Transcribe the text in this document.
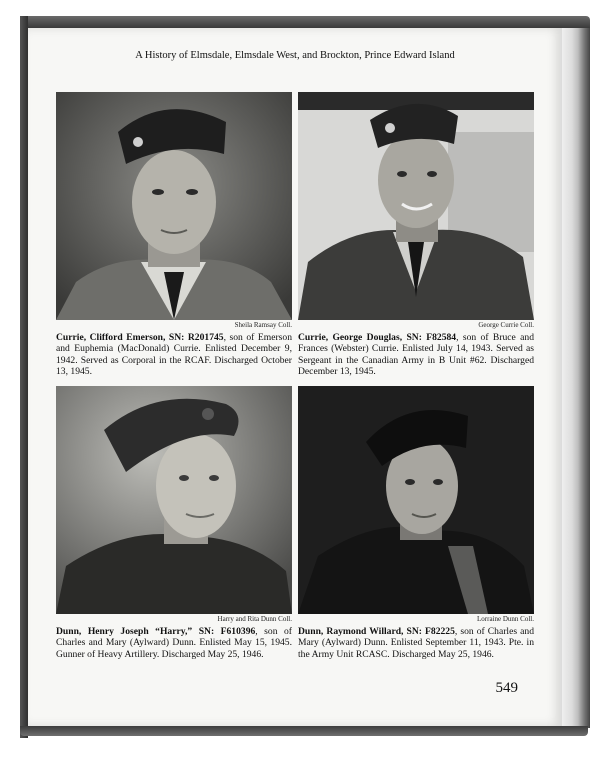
A History of Elmsdale, Elmsdale West, and Brockton, Prince Edward Island
Sheila Ramsay Coll.
Currie, Clifford Emerson, SN: R201745, son of Emerson and Euphemia (MacDonald) Currie. Enlisted December 9, 1942. Served as Corporal in the RCAF. Discharged October 13, 1945.
George Currie Coll.
Currie, George Douglas, SN: F82584, son of Bruce and Frances (Webster) Currie. Enlisted July 14, 1943. Served as Sergeant in the Canadian Army in B Unit #62. Discharged December 13, 1945.
Harry and Rita Dunn Coll.
Dunn, Henry Joseph “Harry,” SN: F610396, son of Charles and Mary (Aylward) Dunn. Enlisted May 15, 1945. Gunner of Heavy Artillery. Discharged May 25, 1946.
Lorraine Dunn Coll.
Dunn, Raymond Willard, SN: F82225, son of Charles and Mary (Aylward) Dunn. Enlisted September 11, 1943. Pte. in the Army Unit RCASC. Discharged May 25, 1946.
549
